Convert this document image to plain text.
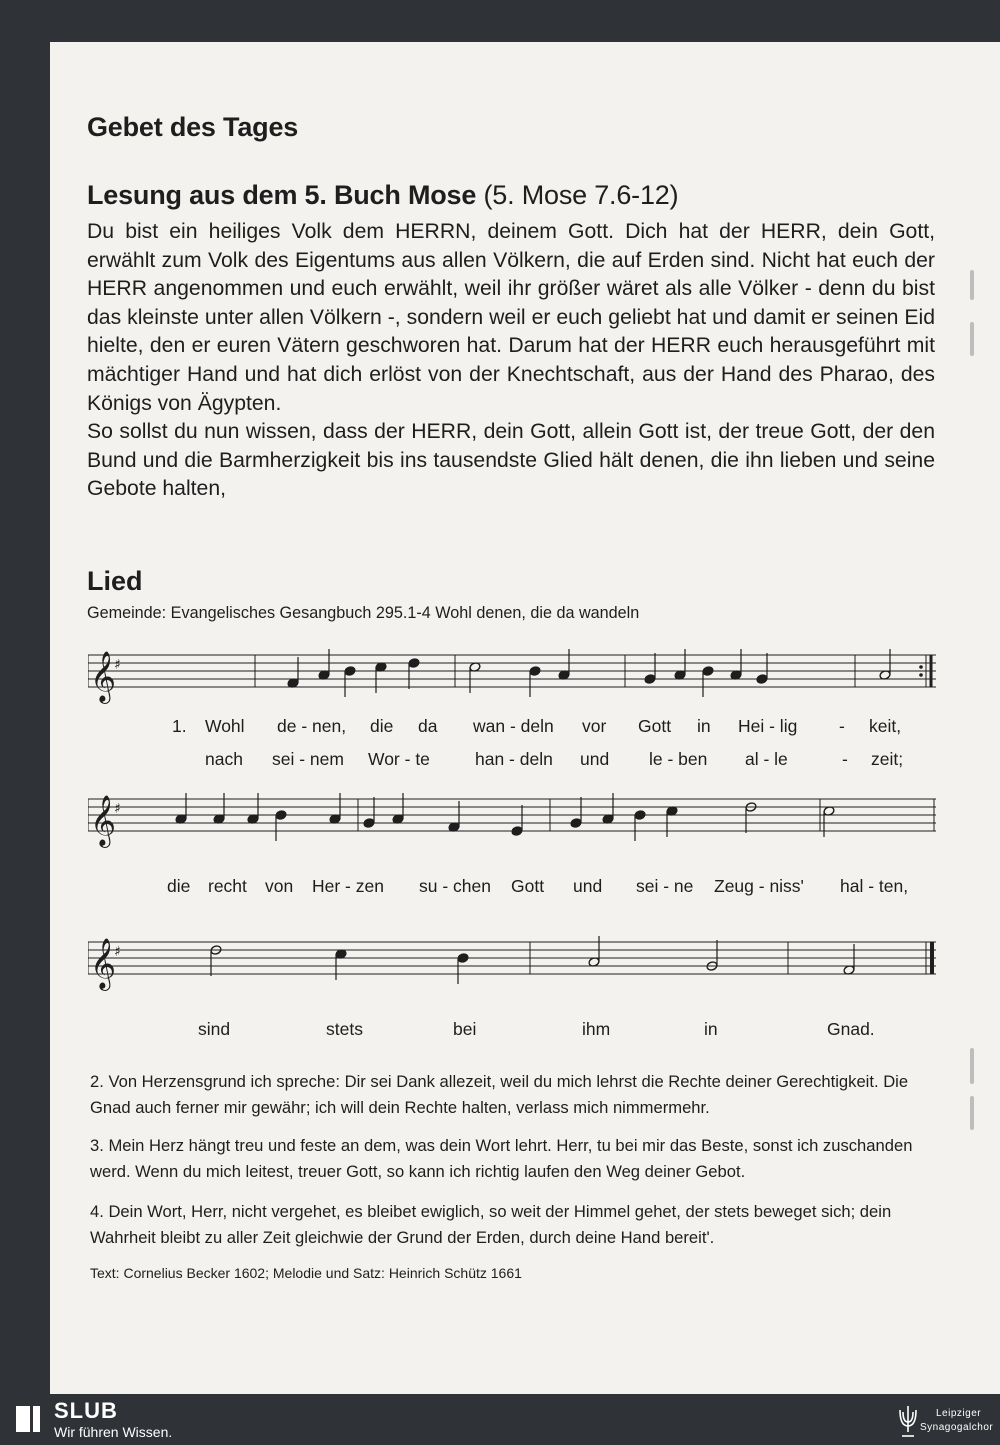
Gebet des Tages
Lesung aus dem 5. Buch Mose (5. Mose 7.6-12)

Du bist ein heiliges Volk dem HERRN, deinem Gott. Dich hat der HERR, dein Gott, erwählt zum Volk des Eigentums aus allen Völkern, die auf Erden sind. Nicht hat euch der HERR angenommen und euch erwählt, weil ihr größer wäret als alle Völker - denn du bist das kleinste unter allen Völkern -, sondern weil er euch geliebt hat und damit er seinen Eid hielte, den er euren Vätern geschworen hat. Darum hat der HERR euch herausgeführt mit mächtiger Hand und hat dich erlöst von der Knechtschaft, aus der Hand des Pharao, des Königs von Ägypten.

So sollst du nun wissen, dass der HERR, dein Gott, allein Gott ist, der treue Gott, der den Bund und die Barmherzigkeit bis ins tausendste Glied hält denen, die ihn lieben und seine Gebote halten,

Lied
Gemeinde: Evangelisches Gesangbuch 295.1-4 Wohl denen, die da wandeln
𝄞
♯
1. Wohl de - nen, die da wan - deln vor Gott in Hei - lig - keit,
nach sei - nem Wor - te	han - deln und le - ben al - le	- zeit;
𝄞
♯
die recht von Her - zen su - chen Gott und sei - ne Zeug - niss' hal - ten,
𝄞
♯
sind	stets	bei	ihm	in	Gnad.

2. Von Herzensgrund ich spreche: Dir sei Dank allezeit, weil du mich lehrst die Rechte deiner Gerechtigkeit. Die Gnad auch ferner mir gewähr; ich will dein Rechte halten, verlass mich nimmermehr.

3. Mein Herz hängt treu und feste an dem, was dein Wort lehrt. Herr, tu bei mir das Beste, sonst ich zuschanden werd. Wenn du mich leitest, treuer Gott, so kann ich richtig laufen den Weg deiner Gebot.

4. Dein Wort, Herr, nicht vergehet, es bleibet ewiglich, so weit der Himmel gehet, der stets beweget sich; dein Wahrheit bleibt zu aller Zeit gleichwie der Grund der Erden, durch deine Hand bereit'.

Text: Cornelius Becker 1602; Melodie und Satz: Heinrich Schütz 1661
SLUB
Wir führen Wissen.
Leipziger
Synagogalchor
